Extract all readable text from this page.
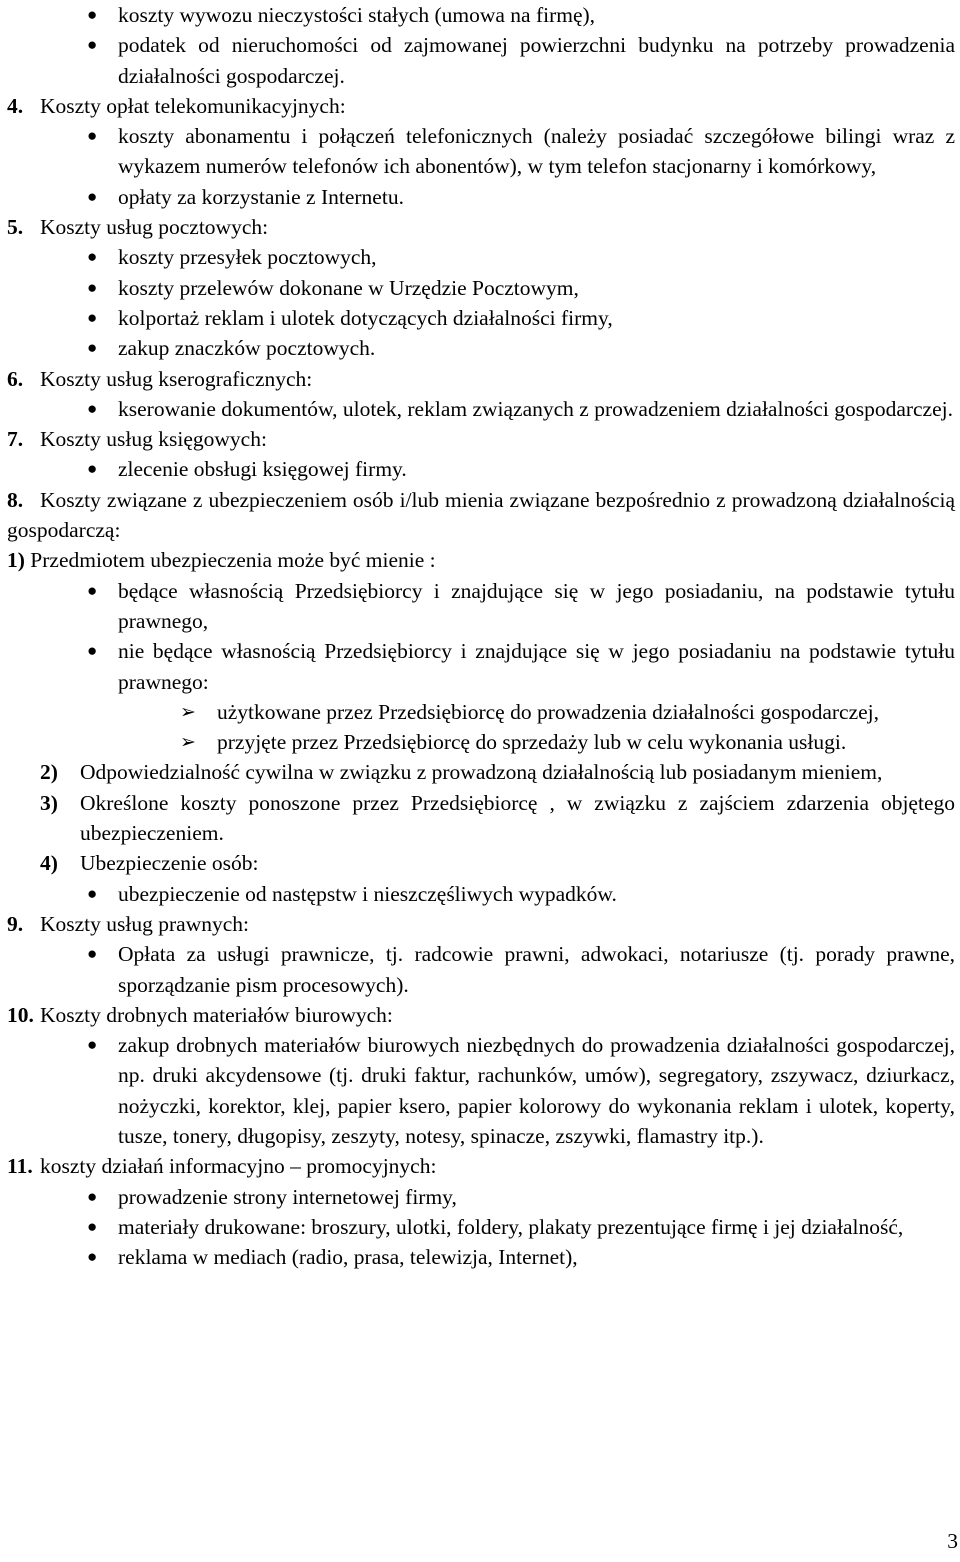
● koszty wywozu nieczystości stałych (umowa na firmę),
● podatek od nieruchomości od zajmowanej powierzchni budynku na potrzeby prowadzenia działalności gospodarczej.
4. Koszty opłat telekomunikacyjnych:
● koszty abonamentu i połączeń telefonicznych (należy posiadać szczegółowe bilingi wraz z wykazem numerów telefonów ich abonentów), w tym telefon stacjonarny i komórkowy,
● opłaty za korzystanie z Internetu.
5. Koszty usług pocztowych:
● koszty przesyłek pocztowych,
● koszty przelewów dokonane w Urzędzie Pocztowym,
● kolportaż reklam i ulotek dotyczących działalności firmy,
● zakup znaczków pocztowych.
6. Koszty usług kserograficznych:
● kserowanie dokumentów, ulotek, reklam związanych z prowadzeniem działalności gospodarczej.
7. Koszty usług księgowych:
● zlecenie obsługi księgowej firmy.
8. Koszty związane z ubezpieczeniem osób i/lub mienia związane bezpośrednio z prowadzoną działalnością gospodarczą:
1) Przedmiotem ubezpieczenia może być mienie :
● będące własnością Przedsiębiorcy i znajdujące się w jego posiadaniu, na podstawie tytułu prawnego,
● nie będące własnością Przedsiębiorcy i znajdujące się w jego posiadaniu na podstawie tytułu prawnego:
➢ użytkowane przez Przedsiębiorcę do prowadzenia działalności gospodarczej,
➢ przyjęte przez Przedsiębiorcę do sprzedaży lub w celu wykonania usługi.
2) Odpowiedzialność cywilna w związku z prowadzoną działalnością lub posiadanym mieniem,
3) Określone koszty ponoszone przez Przedsiębiorcę , w związku z zajściem zdarzenia objętego ubezpieczeniem.
4) Ubezpieczenie osób:
● ubezpieczenie od następstw i nieszczęśliwych wypadków.
9. Koszty usług prawnych:
● Opłata za usługi prawnicze, tj. radcowie prawni, adwokaci, notariusze (tj. porady prawne, sporządzanie pism procesowych).
10. Koszty drobnych materiałów biurowych:
● zakup drobnych materiałów biurowych niezbędnych do prowadzenia działalności gospodarczej, np. druki akcydensowe (tj. druki faktur, rachunków, umów), segregatory, zszywacz, dziurkacz, nożyczki, korektor, klej, papier ksero, papier kolorowy do wykonania reklam i ulotek, koperty, tusze, tonery, długopisy, zeszyty, notesy, spinacze, zszywki, flamastry itp.).
11. koszty działań informacyjno – promocyjnych:
● prowadzenie strony internetowej firmy,
● materiały drukowane: broszury, ulotki, foldery, plakaty prezentujące firmę i jej działalność,
● reklama w mediach (radio, prasa, telewizja, Internet),
3
